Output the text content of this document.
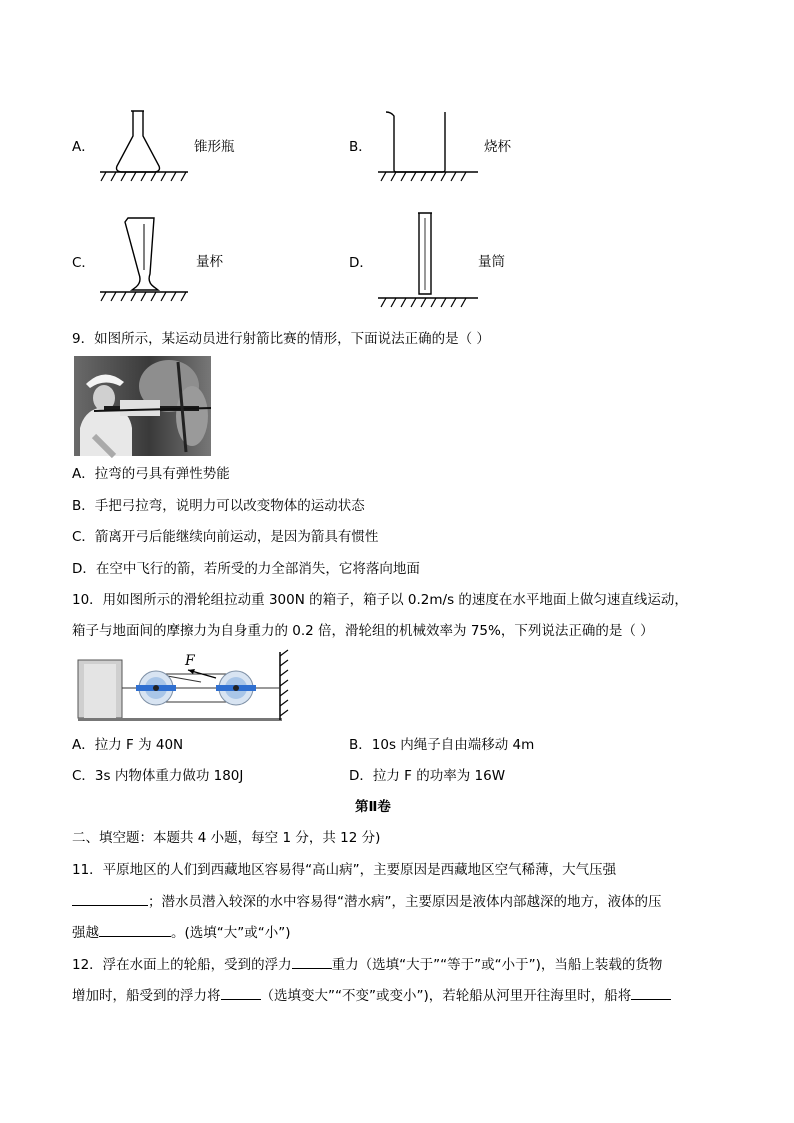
A．	锥形瓶	B．	烧杯
C．	量杯	D．	量筒
9．如图所示，某运动员进行射箭比赛的情形，下面说法正确的是（ ）
A．拉弯的弓具有弹性势能
B．手把弓拉弯，说明力可以改变物体的运动状态
C．箭离开弓后能继续向前运动，是因为箭具有惯性
D．在空中飞行的箭，若所受的力全部消失，它将落向地面
10．用如图所示的滑轮组拉动重 300N 的箱子，箱子以 0.2m/s 的速度在水平地面上做匀速直线运动，
箱子与地面间的摩擦力为自身重力的 0.2 倍，滑轮组的机械效率为 75%，下列说法正确的是（ ）
F
A．拉力 F 为 40N	B．10s 内绳子自由端移动 4m
C．3s 内物体重力做功 180J	D．拉力 F 的功率为 16W
第Ⅱ卷
二、填空题：本题共 4 小题，每空 1 分，共 12 分)
11．平原地区的人们到西藏地区容易得“高山病”，主要原因是西藏地区空气稀薄，大气压强
；潜水员潜入较深的水中容易得“潜水病”，主要原因是液体内部越深的地方，液体的压
强越	。(选填“大”或“小”)
12．浮在水面上的轮船，受到的浮力	重力（选填“大于”“等于”或“小于”)，当船上装载的货物
增加时，船受到的浮力将	（选填变大”“不变”或变小”)，若轮船从河里开往海里时，船将
